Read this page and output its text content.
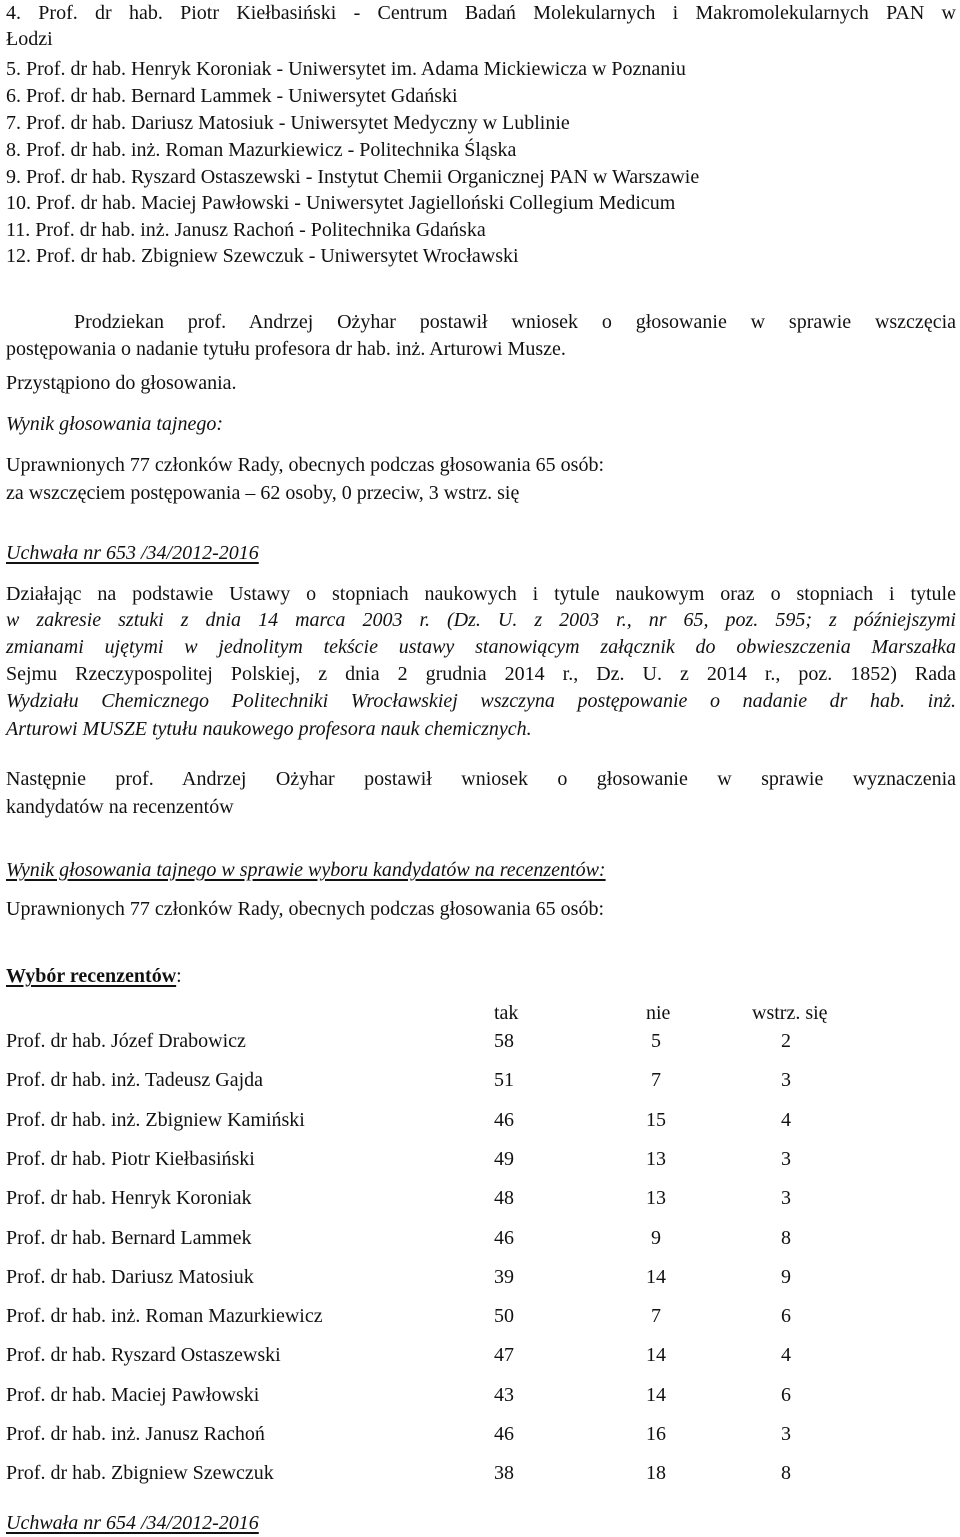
4. Prof. dr hab. Piotr Kiełbasiński - Centrum Badań Molekularnych i Makromolekularnych PAN w
Łodzi
5. Prof. dr hab. Henryk Koroniak - Uniwersytet im. Adama Mickiewicza w Poznaniu
6. Prof. dr hab. Bernard Lammek - Uniwersytet Gdański
7. Prof. dr hab. Dariusz Matosiuk - Uniwersytet Medyczny w Lublinie
8. Prof. dr hab. inż. Roman Mazurkiewicz - Politechnika Śląska
9. Prof. dr hab. Ryszard Ostaszewski - Instytut Chemii Organicznej PAN w Warszawie
10. Prof. dr hab. Maciej Pawłowski - Uniwersytet Jagielloński Collegium Medicum
11. Prof. dr hab. inż. Janusz Rachoń - Politechnika Gdańska
12. Prof. dr hab. Zbigniew Szewczuk - Uniwersytet Wrocławski
Prodziekan prof. Andrzej Ożyhar postawił wniosek o głosowanie w sprawie wszczęcia
postępowania o nadanie tytułu profesora dr hab. inż. Arturowi Musze.
Przystąpiono do głosowania.
Wynik głosowania tajnego:
Uprawnionych 77 członków Rady, obecnych podczas głosowania 65 osób:
za wszczęciem postępowania – 62 osoby, 0 przeciw, 3 wstrz. się
Uchwała nr 653 /34/2012-2016
Działając na podstawie Ustawy o stopniach naukowych i tytule naukowym oraz o stopniach i tytule
w zakresie sztuki z dnia 14 marca 2003 r. (Dz. U. z 2003 r., nr 65, poz. 595; z późniejszymi
zmianami ujętymi w jednolitym tekście ustawy stanowiącym załącznik do obwieszczenia Marszałka
Sejmu Rzeczypospolitej Polskiej, z dnia 2 grudnia 2014 r., Dz. U. z 2014 r., poz. 1852) Rada
Wydziału Chemicznego Politechniki Wrocławskiej wszczyna postępowanie o nadanie dr hab. inż.
Arturowi MUSZE tytułu naukowego profesora nauk chemicznych.
Następnie prof. Andrzej Ożyhar postawił wniosek o głosowanie w sprawie wyznaczenia
kandydatów na recenzentów
Wynik głosowania tajnego w sprawie wyboru kandydatów na recenzentów:
Uprawnionych 77 członków Rady, obecnych podczas głosowania 65 osób:
Wybór recenzentów:
tak	nie	wstrz. się
Prof. dr hab. Józef Drabowicz	58	5	2
Prof. dr hab. inż. Tadeusz Gajda	51	7	3
Prof. dr hab. inż. Zbigniew Kamiński	46	15	4
Prof. dr hab. Piotr Kiełbasiński	49	13	3
Prof. dr hab. Henryk Koroniak	48	13	3
Prof. dr hab. Bernard Lammek	46	9	8
Prof. dr hab. Dariusz Matosiuk	39	14	9
Prof. dr hab. inż. Roman Mazurkiewicz	50	7	6
Prof. dr hab. Ryszard Ostaszewski	47	14	4
Prof. dr hab. Maciej Pawłowski	43	14	6
Prof. dr hab. inż. Janusz Rachoń	46	16	3
Prof. dr hab. Zbigniew Szewczuk	38	18	8
Uchwała nr 654 /34/2012-2016
